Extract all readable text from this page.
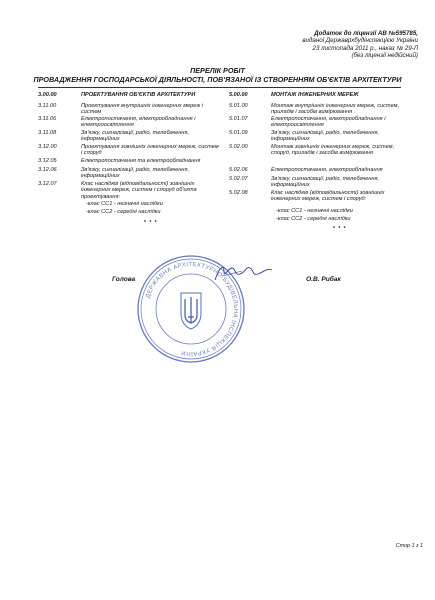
Додаток до ліцензії АВ №595785,
виданої Державрхбудінспекцією України
23 листопада 2011 р., наказ № 29-Л
(без ліцензії недійсний)
ПЕРЕЛІК РОБІТ
ПРОВАДЖЕННЯ ГОСПОДАРСЬКОЇ ДІЯЛЬНОСТІ, ПОВ'ЯЗАНОЇ ІЗ СТВОРЕННЯМ ОБ'ЄКТІВ АРХІТЕКТУРИ
3.00.00	ПРОЕКТУВАННЯ ОБ'ЄКТІВ АРХІТЕКТУРИ
3.11.00	Проектування внутрішніх інженерних мереж і систем
3.11.06	Електропостачання, електрообладнання і електроосвітлення
3.11.08	Зв'язку, сигналізації, радіо, телебачення, інформаційних
3.12.00	Проектування зовнішніх інженерних мереж, систем і споруд
3.12.05	Електропостачання та електрообладнання
3.12.06	Зв'язку, сигналізації, радіо, телебачення, інформаційних
3.12.07	Клас наслідків (відповідальності) зовнішніх інженерних мереж, систем і споруд об'єкта проектування:
-клас СС1 - незначні наслідки
-клас СС2 - середні наслідки
* * *
5.00.00	МОНТАЖ ІНЖЕНЕРНИХ МЕРЕЖ
5.01.00	Монтаж внутрішніх інженерних мереж, систем, приладів і засобів вимірювання
5.01.07	Електропостачання, електрообладнання і електроосвітлення
5.01.09	Зв'язку, сигналізації, радіо, телебачення, інформаційних
5.02.00	Монтаж зовнішніх інженерних мереж, систем, споруд, приладів і засобів вимірювання
5.02.06	Електропостачання, електрообладнання
5.02.07	Зв'язку, сигналізації, радіо, телебачення, інформаційних
5.02.08	Клас наслідків (відповідальності) зовнішніх інженерних мереж, систем і споруд:
-клас СС1 - незначні наслідки
-клас СС2 - середні наслідки
* * *
Голова	О.В. Рибак
ДЕРЖАВНА АРХІТЕКТУРНО-БУДІВЕЛЬНА ІНСПЕКЦІЯ УКРАЇНИ
Стор 1 з 1
